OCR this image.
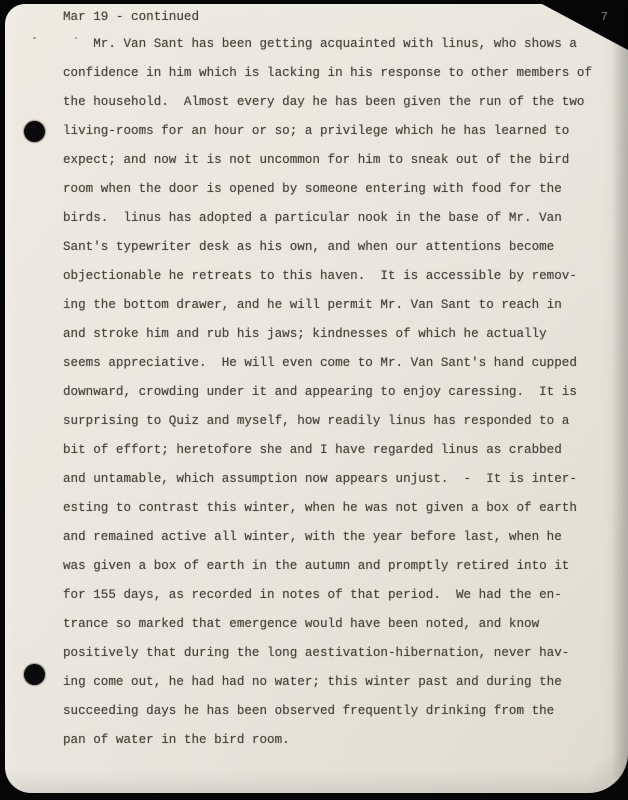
Mar 19 - continued	7
Mr. Van Sant has been getting acquainted with linus, who shows a
confidence in him which is lacking in his response to other members of
the household.  Almost every day he has been given the run of the two
living-rooms for an hour or so; a privilege which he has learned to
expect; and now it is not uncommon for him to sneak out of the bird
room when the door is opened by someone entering with food for the
birds.  linus has adopted a particular nook in the base of Mr. Van
Sant's typewriter desk as his own, and when our attentions become
objectionable he retreats to this haven.  It is accessible by remov-
ing the bottom drawer, and he will permit Mr. Van Sant to reach in
and stroke him and rub his jaws; kindnesses of which he actually
seems appreciative.  He will even come to Mr. Van Sant's hand cupped
downward, crowding under it and appearing to enjoy caressing.  It is
surprising to Quiz and myself, how readily linus has responded to a
bit of effort; heretofore she and I have regarded linus as crabbed
and untamable, which assumption now appears unjust.  -  It is inter-
esting to contrast this winter, when he was not given a box of earth
and remained active all winter, with the year before last, when he
was given a box of earth in the autumn and promptly retired into it
for 155 days, as recorded in notes of that period.  We had the en-
trance so marked that emergence would have been noted, and know
positively that during the long aestivation-hibernation, never hav-
ing come out, he had had no water; this winter past and during the
succeeding days he has been observed frequently drinking from the
pan of water in the bird room.
